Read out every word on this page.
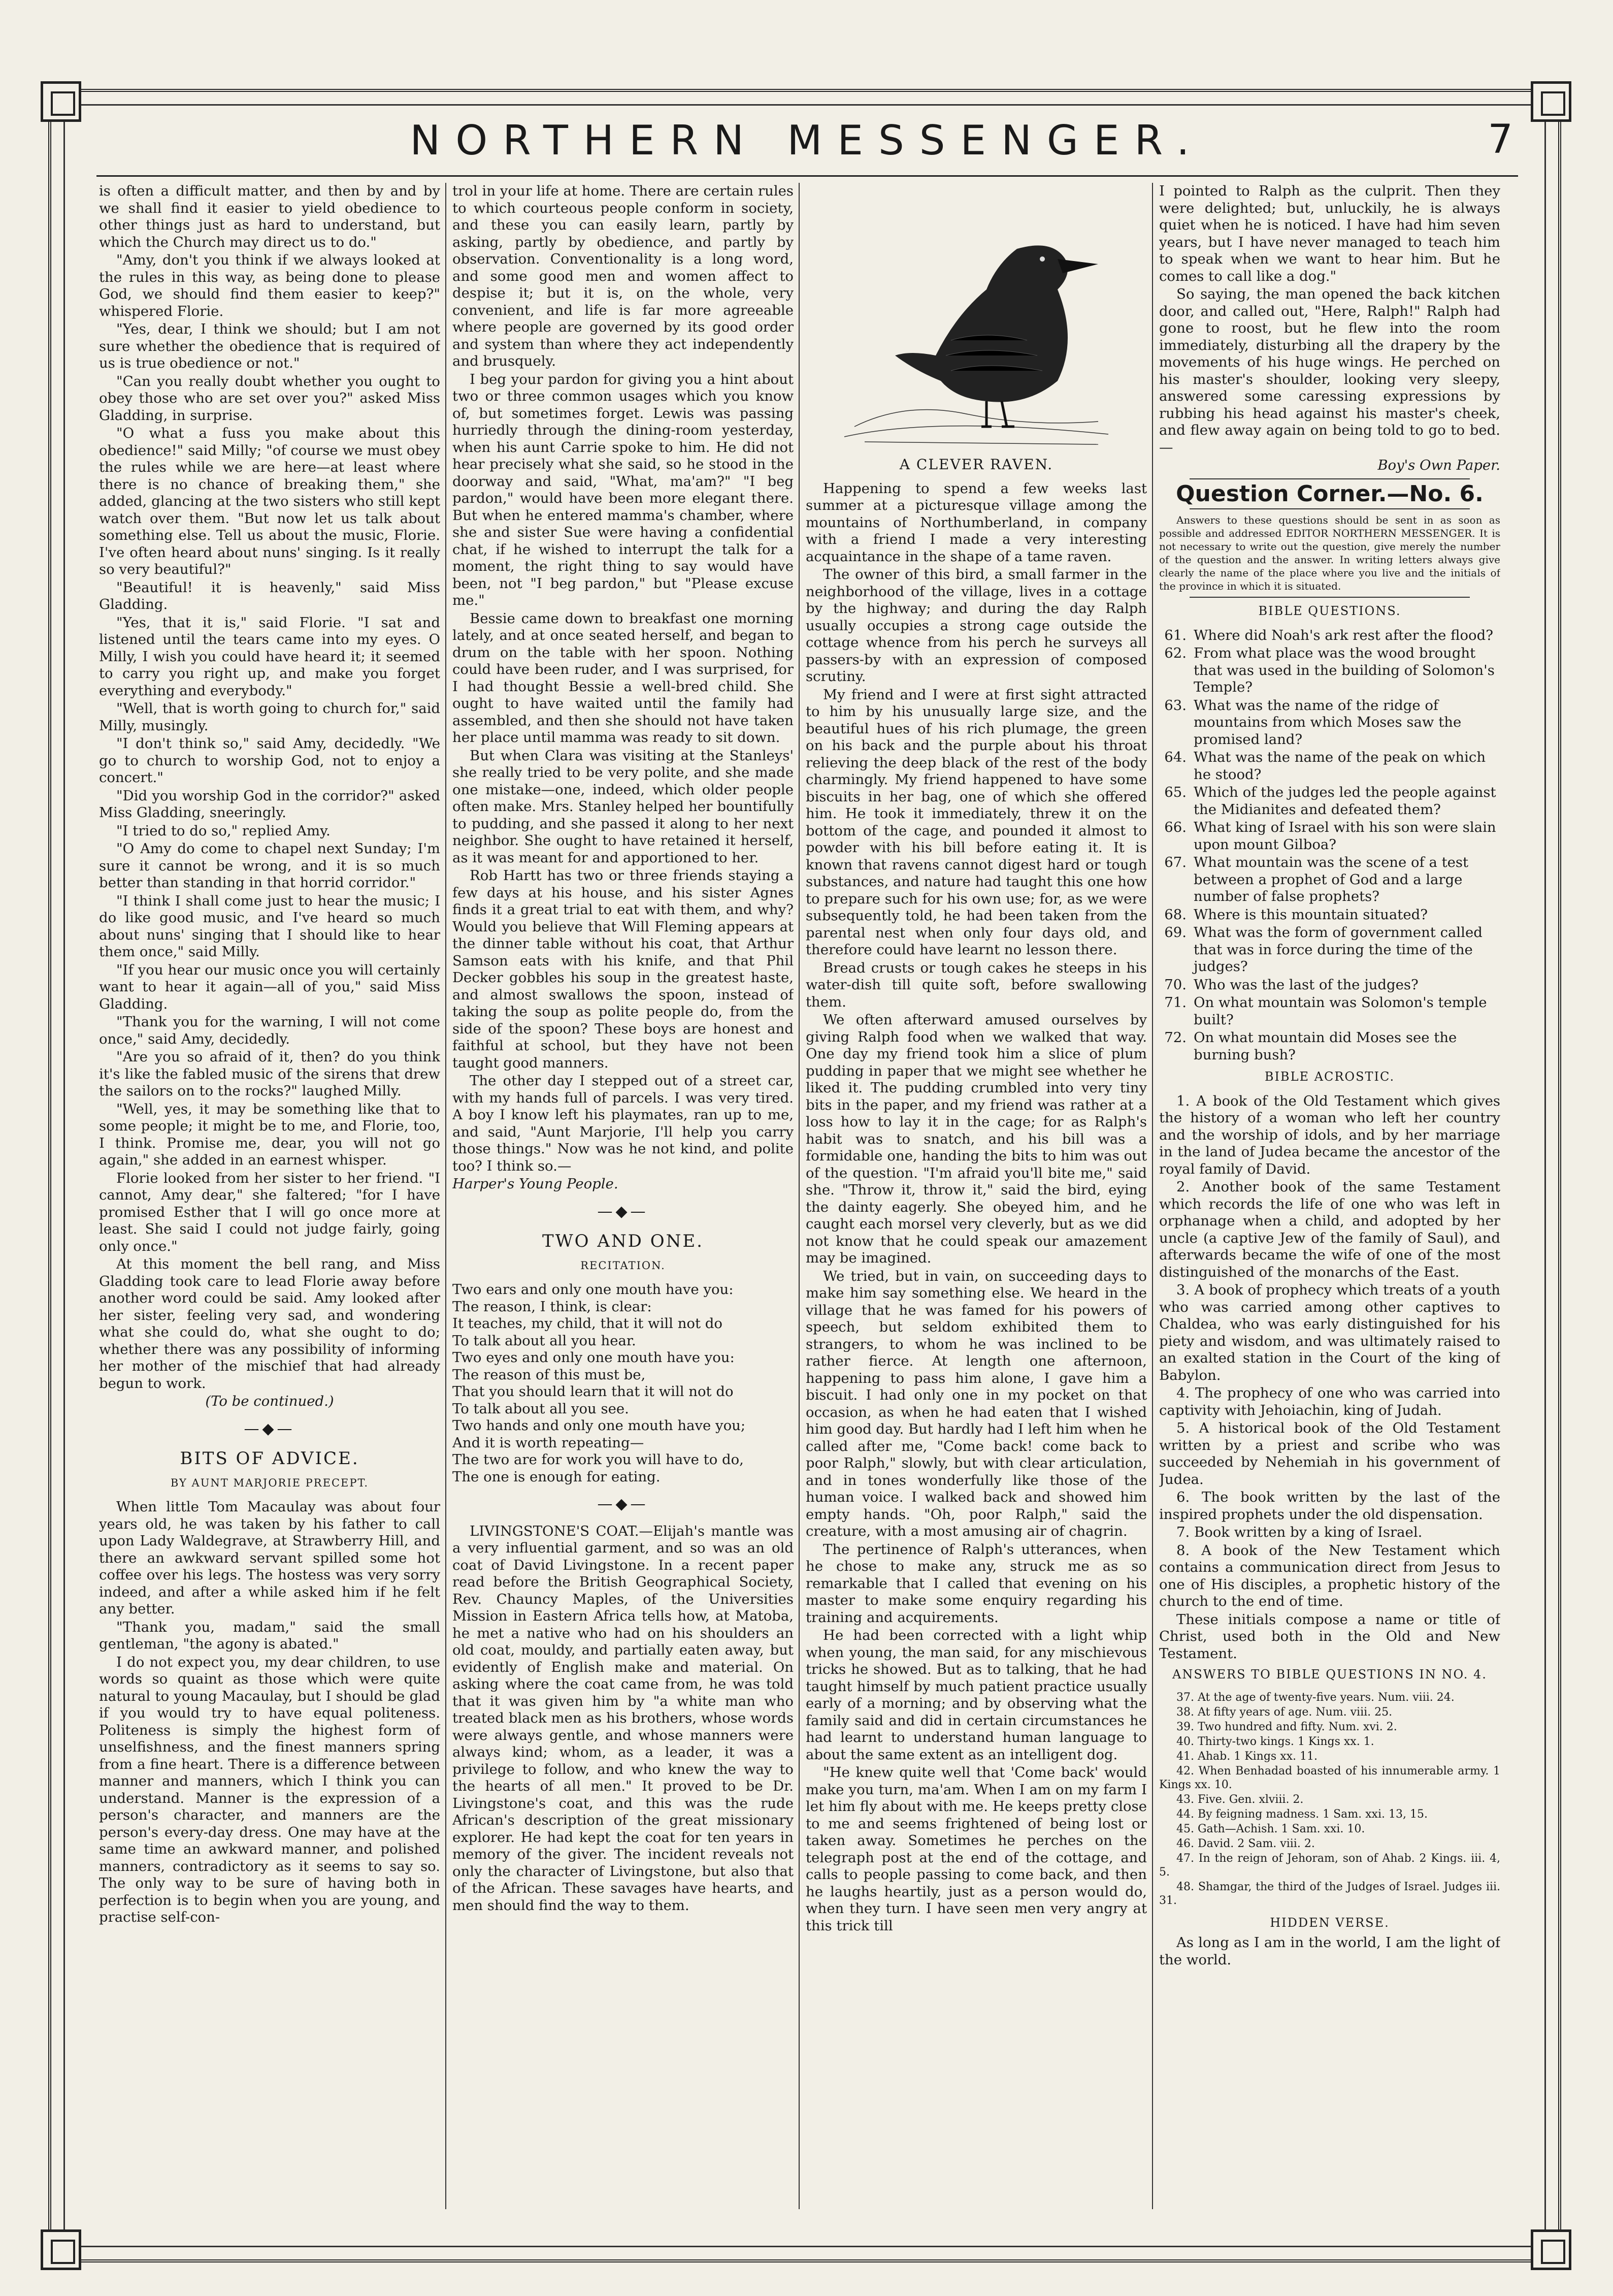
NORTHERN MESSENGER.	7

is often a difficult matter, and then by and by we shall find it easier to yield obedience to other things just as hard to understand, but which the Church may direct us to do."

"Amy, don't you think if we always looked at the rules in this way, as being done to please God, we should find them easier to keep?" whispered Florie.

"Yes, dear, I think we should; but I am not sure whether the obedience that is required of us is true obedience or not."

"Can you really doubt whether you ought to obey those who are set over you?" asked Miss Gladding, in surprise.

"O what a fuss you make about this obedience!" said Milly; "of course we must obey the rules while we are here—at least where there is no chance of breaking them," she added, glancing at the two sisters who still kept watch over them. "But now let us talk about something else. Tell us about the music, Florie. I've often heard about nuns' singing. Is it really so very beautiful?"

"Beautiful! it is heavenly," said Miss Gladding.

"Yes, that it is," said Florie. "I sat and listened until the tears came into my eyes. O Milly, I wish you could have heard it; it seemed to carry you right up, and make you forget everything and everybody."

"Well, that is worth going to church for," said Milly, musingly.

"I don't think so," said Amy, decidedly. "We go to church to worship God, not to enjoy a concert."

"Did you worship God in the corridor?" asked Miss Gladding, sneeringly.

"I tried to do so," replied Amy.

"O Amy do come to chapel next Sunday; I'm sure it cannot be wrong, and it is so much better than standing in that horrid corridor."

"I think I shall come just to hear the music; I do like good music, and I've heard so much about nuns' singing that I should like to hear them once," said Milly.

"If you hear our music once you will certainly want to hear it again—all of you," said Miss Gladding.

"Thank you for the warning, I will not come once," said Amy, decidedly.

"Are you so afraid of it, then? do you think it's like the fabled music of the sirens that drew the sailors on to the rocks?" laughed Milly.

"Well, yes, it may be something like that to some people; it might be to me, and Florie, too, I think. Promise me, dear, you will not go again," she added in an earnest whisper.

Florie looked from her sister to her friend. "I cannot, Amy dear," she faltered; "for I have promised Esther that I will go once more at least. She said I could not judge fairly, going only once."

At this moment the bell rang, and Miss Gladding took care to lead Florie away before another word could be said. Amy looked after her sister, feeling very sad, and wondering what she could do, what she ought to do; whether there was any possibility of informing her mother of the mischief that had already begun to work.

(To be continued.)

—◆—
BITS OF ADVICE.
BY AUNT MARJORIE PRECEPT.

When little Tom Macaulay was about four years old, he was taken by his father to call upon Lady Waldegrave, at Strawberry Hill, and there an awkward servant spilled some hot coffee over his legs. The hostess was very sorry indeed, and after a while asked him if he felt any better.

"Thank you, madam," said the small gentleman, "the agony is abated."

I do not expect you, my dear children, to use words so quaint as those which were quite natural to young Macaulay, but I should be glad if you would try to have equal politeness. Politeness is simply the highest form of unselfishness, and the finest manners spring from a fine heart. There is a difference between manner and manners, which I think you can understand. Manner is the expression of a person's character, and manners are the person's every-day dress. One may have at the same time an awkward manner, and polished manners, contradictory as it seems to say so. The only way to be sure of having both in perfection is to begin when you are young, and practise self-con-

trol in your life at home. There are certain rules to which courteous people conform in society, and these you can easily learn, partly by asking, partly by obedience, and partly by observation. Conventionality is a long word, and some good men and women affect to despise it; but it is, on the whole, very convenient, and life is far more agreeable where people are governed by its good order and system than where they act independently and brusquely.

I beg your pardon for giving you a hint about two or three common usages which you know of, but sometimes forget. Lewis was passing hurriedly through the dining-room yesterday, when his aunt Carrie spoke to him. He did not hear precisely what she said, so he stood in the doorway and said, "What, ma'am?" "I beg pardon," would have been more elegant there. But when he entered mamma's chamber, where she and sister Sue were having a confidential chat, if he wished to interrupt the talk for a moment, the right thing to say would have been, not "I beg pardon," but "Please excuse me."

Bessie came down to breakfast one morning lately, and at once seated herself, and began to drum on the table with her spoon. Nothing could have been ruder, and I was surprised, for I had thought Bessie a well-bred child. She ought to have waited until the family had assembled, and then she should not have taken her place until mamma was ready to sit down.

But when Clara was visiting at the Stanleys' she really tried to be very polite, and she made one mistake—one, indeed, which older people often make. Mrs. Stanley helped her bountifully to pudding, and she passed it along to her next neighbor. She ought to have retained it herself, as it was meant for and apportioned to her.

Rob Hartt has two or three friends staying a few days at his house, and his sister Agnes finds it a great trial to eat with them, and why? Would you believe that Will Fleming appears at the dinner table without his coat, that Arthur Samson eats with his knife, and that Phil Decker gobbles his soup in the greatest haste, and almost swallows the spoon, instead of taking the soup as polite people do, from the side of the spoon? These boys are honest and faithful at school, but they have not been taught good manners.

The other day I stepped out of a street car, with my hands full of parcels. I was very tired. A boy I know left his playmates, ran up to me, and said, "Aunt Marjorie, I'll help you carry those things." Now was he not kind, and polite too? I think so.—

Harper's Young People.

—◆—
TWO AND ONE.
RECITATION.
Two ears and only one mouth have you:
The reason, I think, is clear:
It teaches, my child, that it will not do
To talk about all you hear.
Two eyes and only one mouth have you:
The reason of this must be,
That you should learn that it will not do
To talk about all you see.
Two hands and only one mouth have you;
And it is worth repeating—
The two are for work you will have to do,
The one is enough for eating.
—◆—

LIVINGSTONE'S COAT.—Elijah's mantle was a very influential garment, and so was an old coat of David Livingstone. In a recent paper read before the British Geographical Society, Rev. Chauncy Maples, of the Universities Mission in Eastern Africa tells how, at Matoba, he met a native who had on his shoulders an old coat, mouldy, and partially eaten away, but evidently of English make and material. On asking where the coat came from, he was told that it was given him by "a white man who treated black men as his brothers, whose words were always gentle, and whose manners were always kind; whom, as a leader, it was a privilege to follow, and who knew the way to the hearts of all men." It proved to be Dr. Livingstone's coat, and this was the rude African's description of the great missionary explorer. He had kept the coat for ten years in memory of the giver. The incident reveals not only the character of Livingstone, but also that of the African. These savages have hearts, and men should find the way to them.

A CLEVER RAVEN.

Happening to spend a few weeks last summer at a picturesque village among the mountains of Northumberland, in company with a friend I made a very interesting acquaintance in the shape of a tame raven.

The owner of this bird, a small farmer in the neighborhood of the village, lives in a cottage by the highway; and during the day Ralph usually occupies a strong cage outside the cottage whence from his perch he surveys all passers-by with an expression of composed scrutiny.

My friend and I were at first sight attracted to him by his unusually large size, and the beautiful hues of his rich plumage, the green on his back and the purple about his throat relieving the deep black of the rest of the body charmingly. My friend happened to have some biscuits in her bag, one of which she offered him. He took it immediately, threw it on the bottom of the cage, and pounded it almost to powder with his bill before eating it. It is known that ravens cannot digest hard or tough substances, and nature had taught this one how to prepare such for his own use; for, as we were subsequently told, he had been taken from the parental nest when only four days old, and therefore could have learnt no lesson there.

Bread crusts or tough cakes he steeps in his water-dish till quite soft, before swallowing them.

We often afterward amused ourselves by giving Ralph food when we walked that way. One day my friend took him a slice of plum pudding in paper that we might see whether he liked it. The pudding crumbled into very tiny bits in the paper, and my friend was rather at a loss how to lay it in the cage; for as Ralph's habit was to snatch, and his bill was a formidable one, handing the bits to him was out of the question. "I'm afraid you'll bite me," said she. "Throw it, throw it," said the bird, eying the dainty eagerly. She obeyed him, and he caught each morsel very cleverly, but as we did not know that he could speak our amazement may be imagined.

We tried, but in vain, on succeeding days to make him say something else. We heard in the village that he was famed for his powers of speech, but seldom exhibited them to strangers, to whom he was inclined to be rather fierce. At length one afternoon, happening to pass him alone, I gave him a biscuit. I had only one in my pocket on that occasion, as when he had eaten that I wished him good day. But hardly had I left him when he called after me, "Come back! come back to poor Ralph," slowly, but with clear articulation, and in tones wonderfully like those of the human voice. I walked back and showed him empty hands. "Oh, poor Ralph," said the creature, with a most amusing air of chagrin.

The pertinence of Ralph's utterances, when he chose to make any, struck me as so remarkable that I called that evening on his master to make some enquiry regarding his training and acquirements.

He had been corrected with a light whip when young, the man said, for any mischievous tricks he showed. But as to talking, that he had taught himself by much patient practice usually early of a morning; and by observing what the family said and did in certain circumstances he had learnt to understand human language to about the same extent as an intelligent dog.

"He knew quite well that 'Come back' would make you turn, ma'am. When I am on my farm I let him fly about with me. He keeps pretty close to me and seems frightened of being lost or taken away. Sometimes he perches on the telegraph post at the end of the cottage, and calls to people passing to come back, and then he laughs heartily, just as a person would do, when they turn. I have seen men very angry at this trick till

I pointed to Ralph as the culprit. Then they were delighted; but, unluckily, he is always quiet when he is noticed. I have had him seven years, but I have never managed to teach him to speak when we want to hear him. But he comes to call like a dog."

So saying, the man opened the back kitchen door, and called out, "Here, Ralph!" Ralph had gone to roost, but he flew into the room immediately, disturbing all the drapery by the movements of his huge wings. He perched on his master's shoulder, looking very sleepy, answered some caressing expressions by rubbing his head against his master's cheek, and flew away again on being told to go to bed.—

Boy's Own Paper.

Question Corner.—No. 6.

Answers to these questions should be sent in as soon as possible and addressed EDITOR NORTHERN MESSENGER. It is not necessary to write out the question, give merely the number of the question and the answer. In writing letters always give clearly the name of the place where you live and the initials of the province in which it is situated.

BIBLE QUESTIONS.
61. Where did Noah's ark rest after the flood?
62. From what place was the wood brought that was used in the building of Solomon's Temple?
63. What was the name of the ridge of mountains from which Moses saw the promised land?
64. What was the name of the peak on which he stood?
65. Which of the judges led the people against the Midianites and defeated them?
66. What king of Israel with his son were slain upon mount Gilboa?
67. What mountain was the scene of a test between a prophet of God and a large number of false prophets?
68. Where is this mountain situated?
69. What was the form of government called that was in force during the time of the judges?
70. Who was the last of the judges?
71. On what mountain was Solomon's temple built?
72. On what mountain did Moses see the burning bush?
BIBLE ACROSTIC.

1. A book of the Old Testament which gives the history of a woman who left her country and the worship of idols, and by her marriage in the land of Judea became the ancestor of the royal family of David.

2. Another book of the same Testament which records the life of one who was left in orphanage when a child, and adopted by her uncle (a captive Jew of the family of Saul), and afterwards became the wife of one of the most distinguished of the monarchs of the East.

3. A book of prophecy which treats of a youth who was carried among other captives to Chaldea, who was early distinguished for his piety and wisdom, and was ultimately raised to an exalted station in the Court of the king of Babylon.

4. The prophecy of one who was carried into captivity with Jehoiachin, king of Judah.

5. A historical book of the Old Testament written by a priest and scribe who was succeeded by Nehemiah in his government of Judea.

6. The book written by the last of the inspired prophets under the old dispensation.

7. Book written by a king of Israel.

8. A book of the New Testament which contains a communication direct from Jesus to one of His disciples, a prophetic history of the church to the end of time.

These initials compose a name or title of Christ, used both in the Old and New Testament.

ANSWERS TO BIBLE QUESTIONS IN NO. 4.

37. At the age of twenty-five years. Num. viii. 24.

38. At fifty years of age. Num. viii. 25.

39. Two hundred and fifty. Num. xvi. 2.

40. Thirty-two kings. 1 Kings xx. 1.

41. Ahab. 1 Kings xx. 11.

42. When Benhadad boasted of his innumerable army. 1 Kings xx. 10.

43. Five. Gen. xlviii. 2.

44. By feigning madness. 1 Sam. xxi. 13, 15.

45. Gath—Achish. 1 Sam. xxi. 10.

46. David. 2 Sam. viii. 2.

47. In the reign of Jehoram, son of Ahab. 2 Kings. iii. 4, 5.

48. Shamgar, the third of the Judges of Israel. Judges iii. 31.

HIDDEN VERSE.

As long as I am in the world, I am the light of the world.
